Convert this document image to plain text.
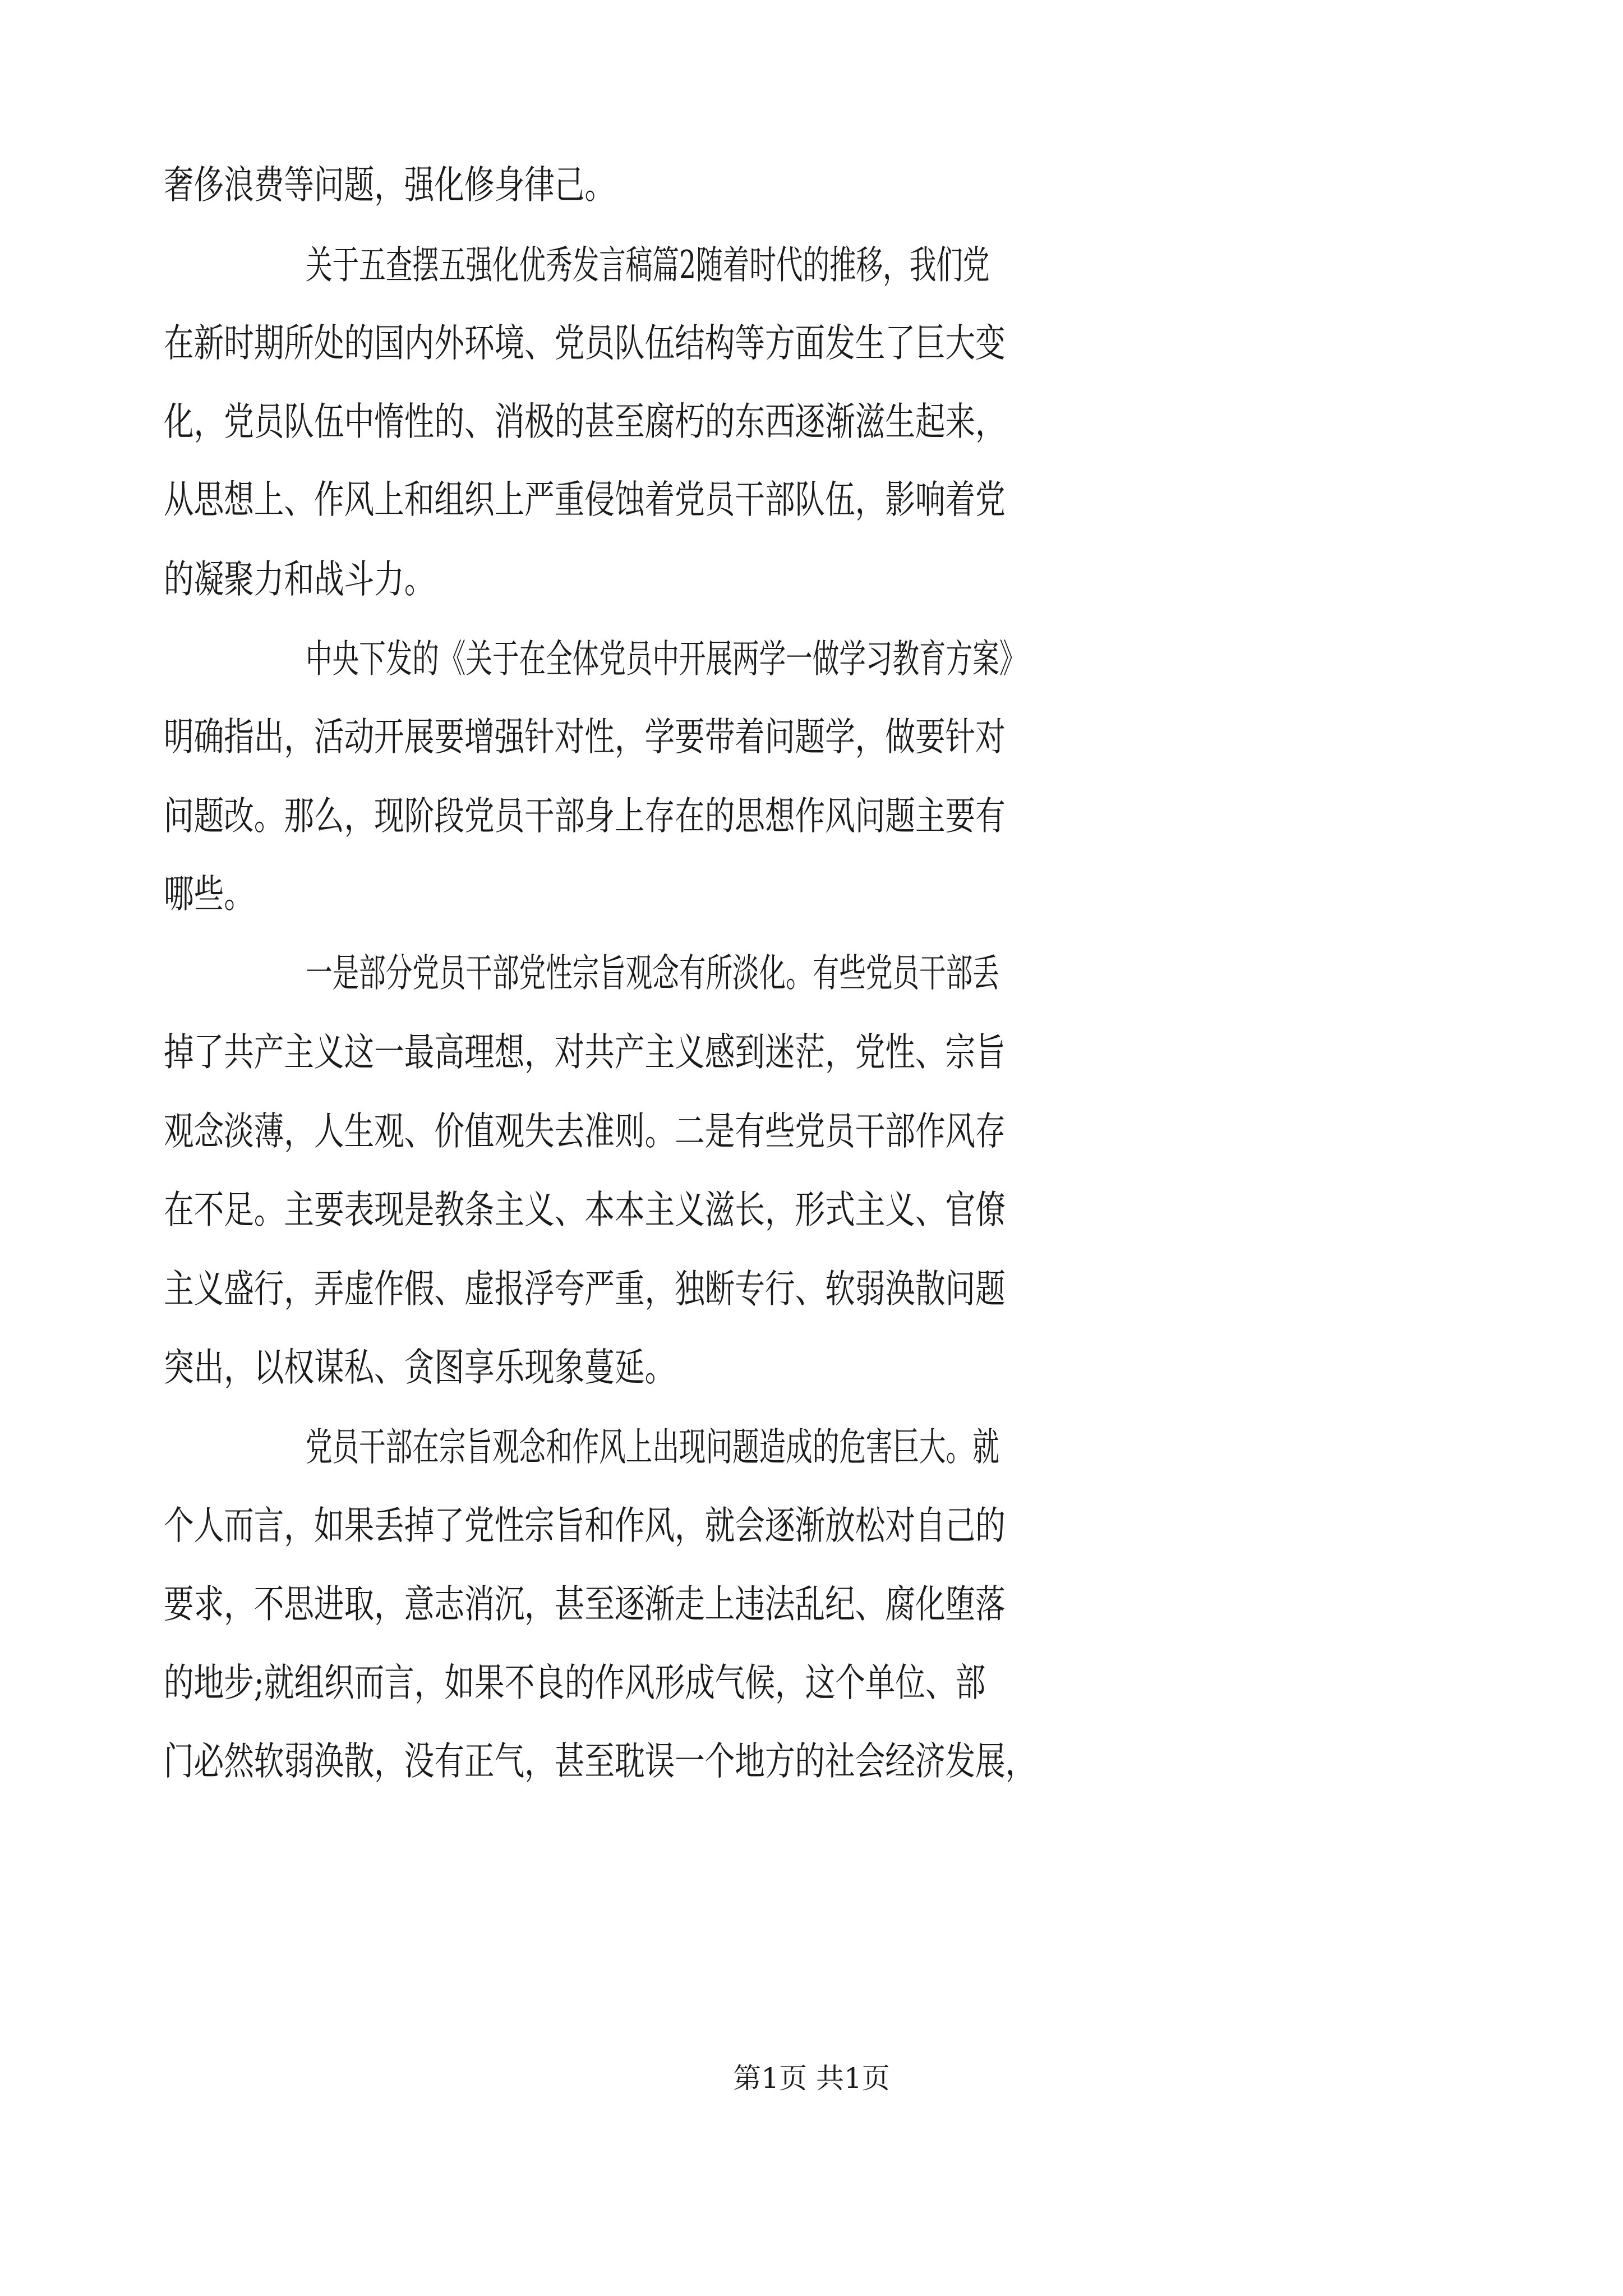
奢侈浪费等问题，强化修身律己。
关于五查摆五强化优秀发言稿篇2随着时代的推移，我们党
在新时期所处的国内外环境、党员队伍结构等方面发生了巨大变
化，党员队伍中惰性的、消极的甚至腐朽的东西逐渐滋生起来，
从思想上、作风上和组织上严重侵蚀着党员干部队伍，影响着党
的凝聚力和战斗力。
中央下发的《关于在全体党员中开展两学一做学习教育方案》
明确指出，活动开展要增强针对性，学要带着问题学，做要针对
问题改。那么，现阶段党员干部身上存在的思想作风问题主要有
哪些。
一是部分党员干部党性宗旨观念有所淡化。有些党员干部丢
掉了共产主义这一最高理想，对共产主义感到迷茫，党性、宗旨
观念淡薄，人生观、价值观失去准则。二是有些党员干部作风存
在不足。主要表现是教条主义、本本主义滋长，形式主义、官僚
主义盛行，弄虚作假、虚报浮夸严重，独断专行、软弱涣散问题
突出，以权谋私、贪图享乐现象蔓延。
党员干部在宗旨观念和作风上出现问题造成的危害巨大。就
个人而言，如果丢掉了党性宗旨和作风，就会逐渐放松对自己的
要求，不思进取，意志消沉，甚至逐渐走上违法乱纪、腐化堕落
的地步;就组织而言，如果不良的作风形成气候，这个单位、部
门必然软弱涣散，没有正气，甚至耽误一个地方的社会经济发展，
第1页 共1页
